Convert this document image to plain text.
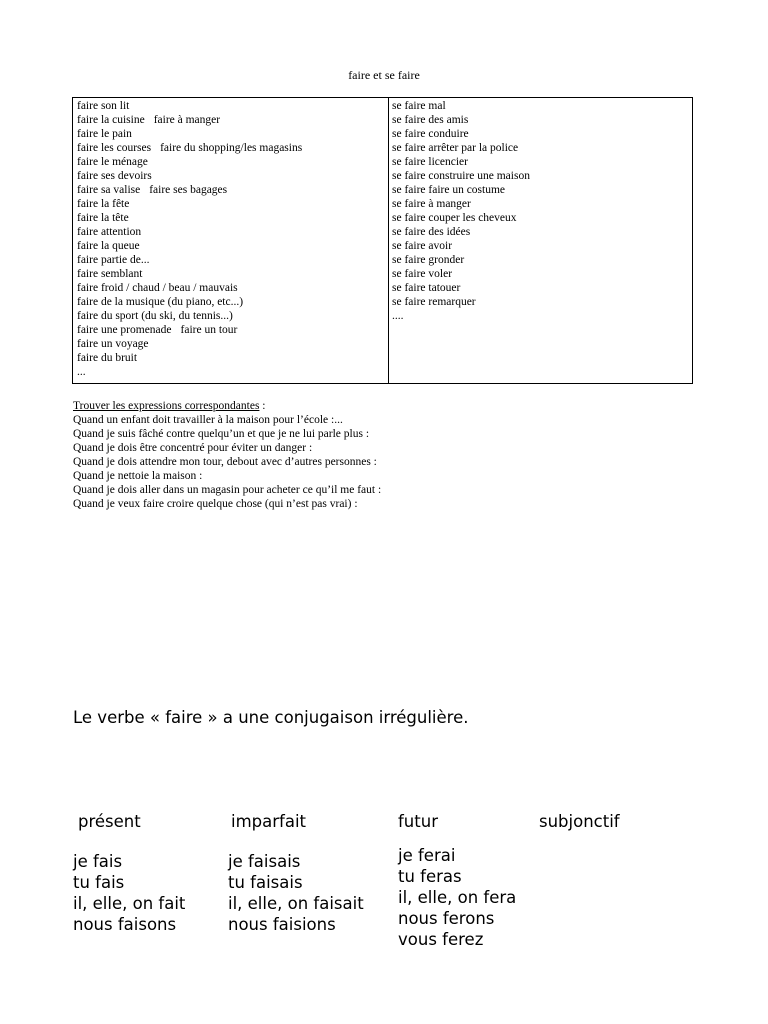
faire et se faire
faire son lit
faire la cuisine faire à manger
faire le pain
faire les courses faire du shopping/les magasins
faire le ménage
faire ses devoirs
faire sa valise faire ses bagages
faire la fête
faire la tête
faire attention
faire la queue
faire partie de...
faire semblant
faire froid / chaud / beau / mauvais
faire de la musique (du piano, etc...)
faire du sport (du ski, du tennis...)
faire une promenade faire un tour
faire un voyage
faire du bruit
...
se faire mal
se faire des amis
se faire conduire
se faire arrêter par la police
se faire licencier
se faire construire une maison
se faire faire un costume
se faire à manger
se faire couper les cheveux
se faire des idées
se faire avoir
se faire gronder
se faire voler
se faire tatouer
se faire remarquer
....
Trouver les expressions correspondantes :
Quand un enfant doit travailler à la maison pour l’école :...
Quand je suis fâché contre quelqu’un et que je ne lui parle plus :
Quand je dois être concentré pour éviter un danger :
Quand je dois attendre mon tour, debout avec d’autres personnes :
Quand je nettoie la maison :
Quand je dois aller dans un magasin pour acheter ce qu’il me faut :
Quand je veux faire croire quelque chose (qui n’est pas vrai) :
Le verbe « faire » a une conjugaison irrégulière.
présent
je fais
tu fais
il, elle, on fait
nous faisons
imparfait
je faisais
tu faisais
il, elle, on faisait
nous faisions
futur
je ferai
tu feras
il, elle, on fera
nous ferons
vous ferez
subjonctif
